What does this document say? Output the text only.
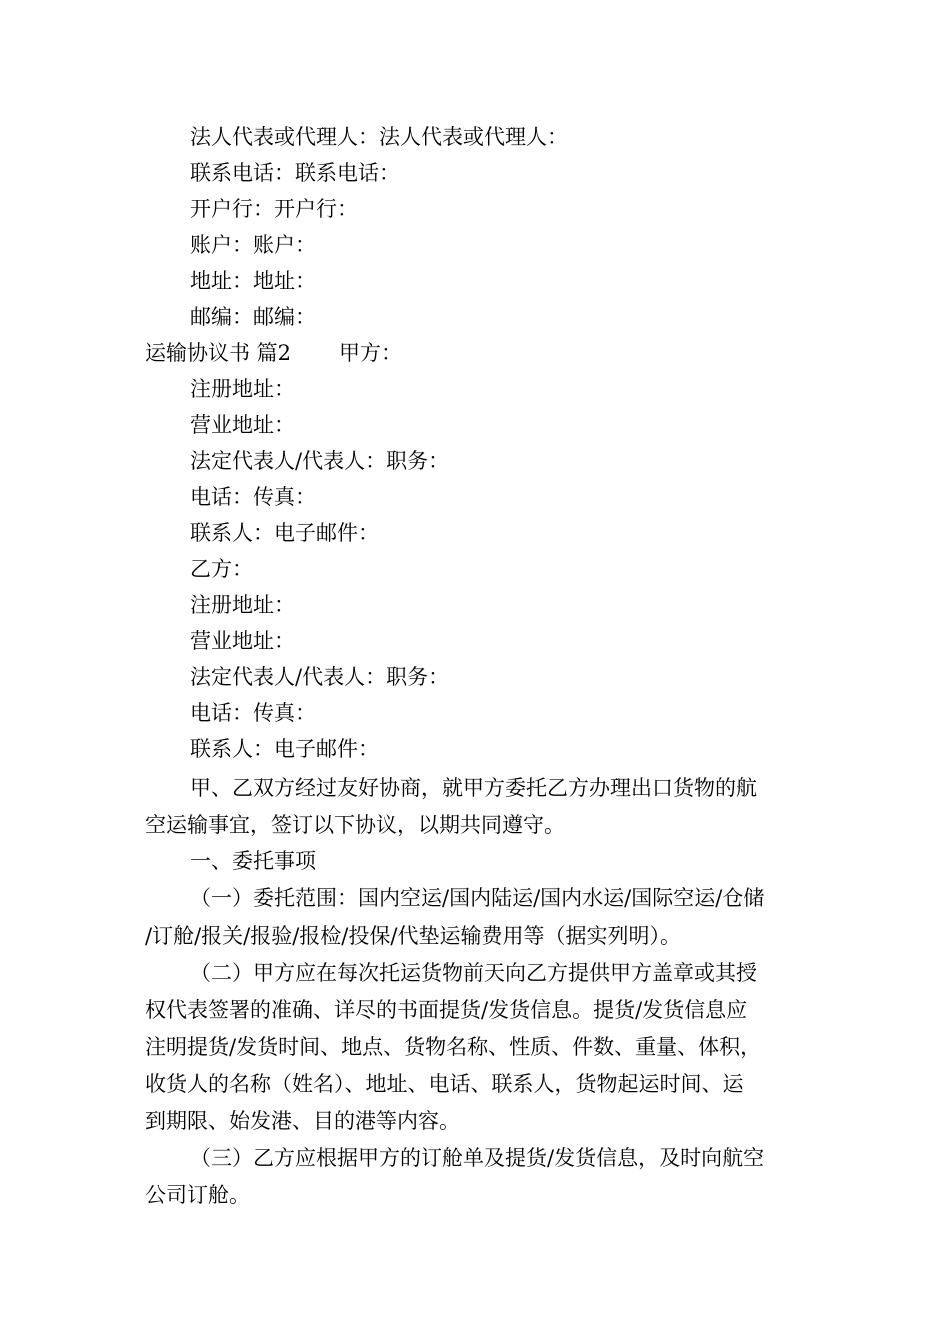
法人代表或代理人：法人代表或代理人：
联系电话：联系电话：
开户行：开户行：
账户：账户：
地址：地址：
邮编：邮编：
运输协议书 篇2 甲方：
注册地址：
营业地址：
法定代表人/代表人：职务：
电话：传真：
联系人：电子邮件：
乙方：
注册地址：
营业地址：
法定代表人/代表人：职务：
电话：传真：
联系人：电子邮件：
甲、乙双方经过友好协商，就甲方委托乙方办理出口货物的航
空运输事宜，签订以下协议，以期共同遵守。
一、委托事项
（一）委托范围：国内空运/国内陆运/国内水运/国际空运/仓储
/订舱/报关/报验/报检/投保/代垫运输费用等（据实列明）。
（二）甲方应在每次托运货物前天向乙方提供甲方盖章或其授
权代表签署的准确、详尽的书面提货/发货信息。提货/发货信息应
注明提货/发货时间、地点、货物名称、性质、件数、重量、体积，
收货人的名称（姓名）、地址、电话、联系人，货物起运时间、运
到期限、始发港、目的港等内容。
（三）乙方应根据甲方的订舱单及提货/发货信息，及时向航空
公司订舱。
